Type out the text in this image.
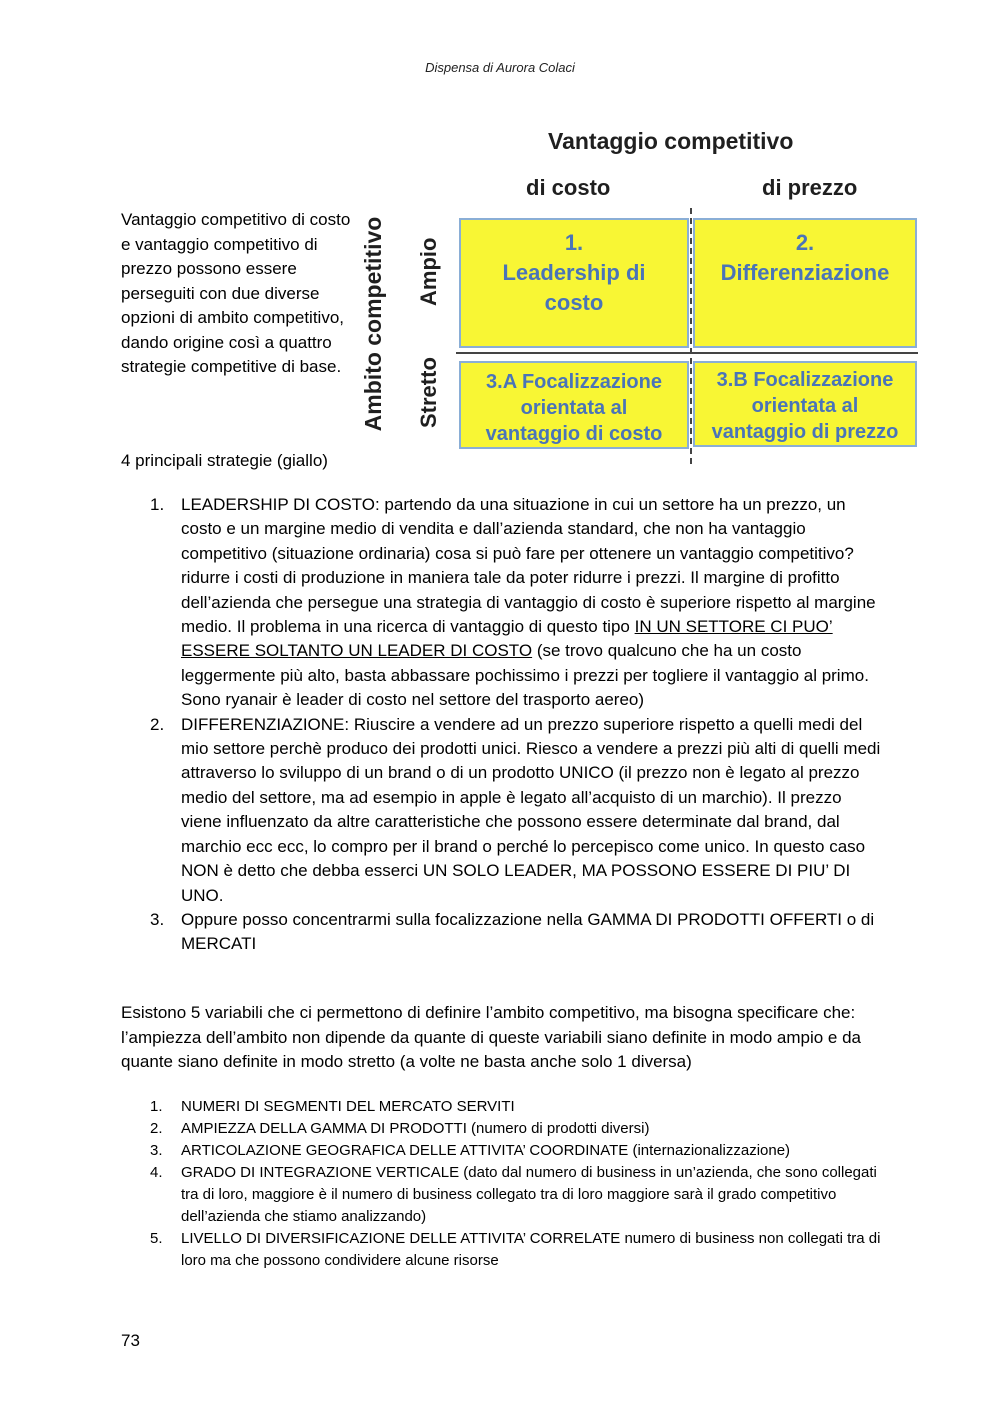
Dispensa di Aurora Colaci
Vantaggio competitivo di costo e vantaggio competitivo di prezzo possono essere perseguiti con due diverse opzioni di ambito competitivo, dando origine così a quattro strategie competitive di base.
4 principali strategie (giallo)
Vantaggio competitivo
di costo	di prezzo
Ambito competitivo Ampio
Stretto
1.
Leadership di
costo
2.
Differenziazione
3.A Focalizzazione
orientata al
vantaggio di costo
3.B Focalizzazione
orientata al
vantaggio di prezzo
1. LEADERSHIP DI COSTO: partendo da una situazione in cui un settore ha un prezzo, un costo e un margine medio di vendita e dall’azienda standard, che non ha vantaggio competitivo (situazione ordinaria) cosa si può fare per ottenere un vantaggio competitivo? ridurre i costi di produzione in maniera tale da poter ridurre i prezzi. Il margine di profitto dell’azienda che persegue una strategia di vantaggio di costo è superiore rispetto al margine medio. Il problema in una ricerca di vantaggio di questo tipo IN UN SETTORE CI PUO’ ESSERE SOLTANTO UN LEADER DI COSTO (se trovo qualcuno che ha un costo leggermente più alto, basta abbassare pochissimo i prezzi per togliere il vantaggio al primo. Sono ryanair è leader di costo nel settore del trasporto aereo)
2. DIFFERENZIAZIONE: Riuscire a vendere ad un prezzo superiore rispetto a quelli medi del mio settore perchè produco dei prodotti unici. Riesco a vendere a prezzi più alti di quelli medi attraverso lo sviluppo di un brand o di un prodotto UNICO (il prezzo non è legato al prezzo medio del settore, ma ad esempio in apple è legato all’acquisto di un marchio). Il prezzo viene influenzato da altre caratteristiche che possono essere determinate dal brand, dal marchio ecc ecc, lo compro per il brand o perché lo percepisco come unico. In questo caso NON è detto che debba esserci UN SOLO LEADER, MA POSSONO ESSERE DI PIU’ DI UNO.
3. Oppure posso concentrarmi sulla focalizzazione nella GAMMA DI PRODOTTI OFFERTI o di MERCATI
Esistono 5 variabili che ci permettono di definire l’ambito competitivo, ma bisogna specificare che: l’ampiezza dell’ambito non dipende da quante di queste variabili siano definite in modo ampio e da quante siano definite in modo stretto (a volte ne basta anche solo 1 diversa)
1. NUMERI DI SEGMENTI DEL MERCATO SERVITI
2. AMPIEZZA DELLA GAMMA DI PRODOTTI (numero di prodotti diversi)
3. ARTICOLAZIONE GEOGRAFICA DELLE ATTIVITA’ COORDINATE (internazionalizzazione)
4. GRADO DI INTEGRAZIONE VERTICALE (dato dal numero di business in un’azienda, che sono collegati tra di loro, maggiore è il numero di business collegato tra di loro maggiore sarà il grado competitivo dell’azienda che stiamo analizzando)
5. LIVELLO DI DIVERSIFICAZIONE DELLE ATTIVITA’ CORRELATE numero di business non collegati tra di loro ma che possono condividere alcune risorse
73
